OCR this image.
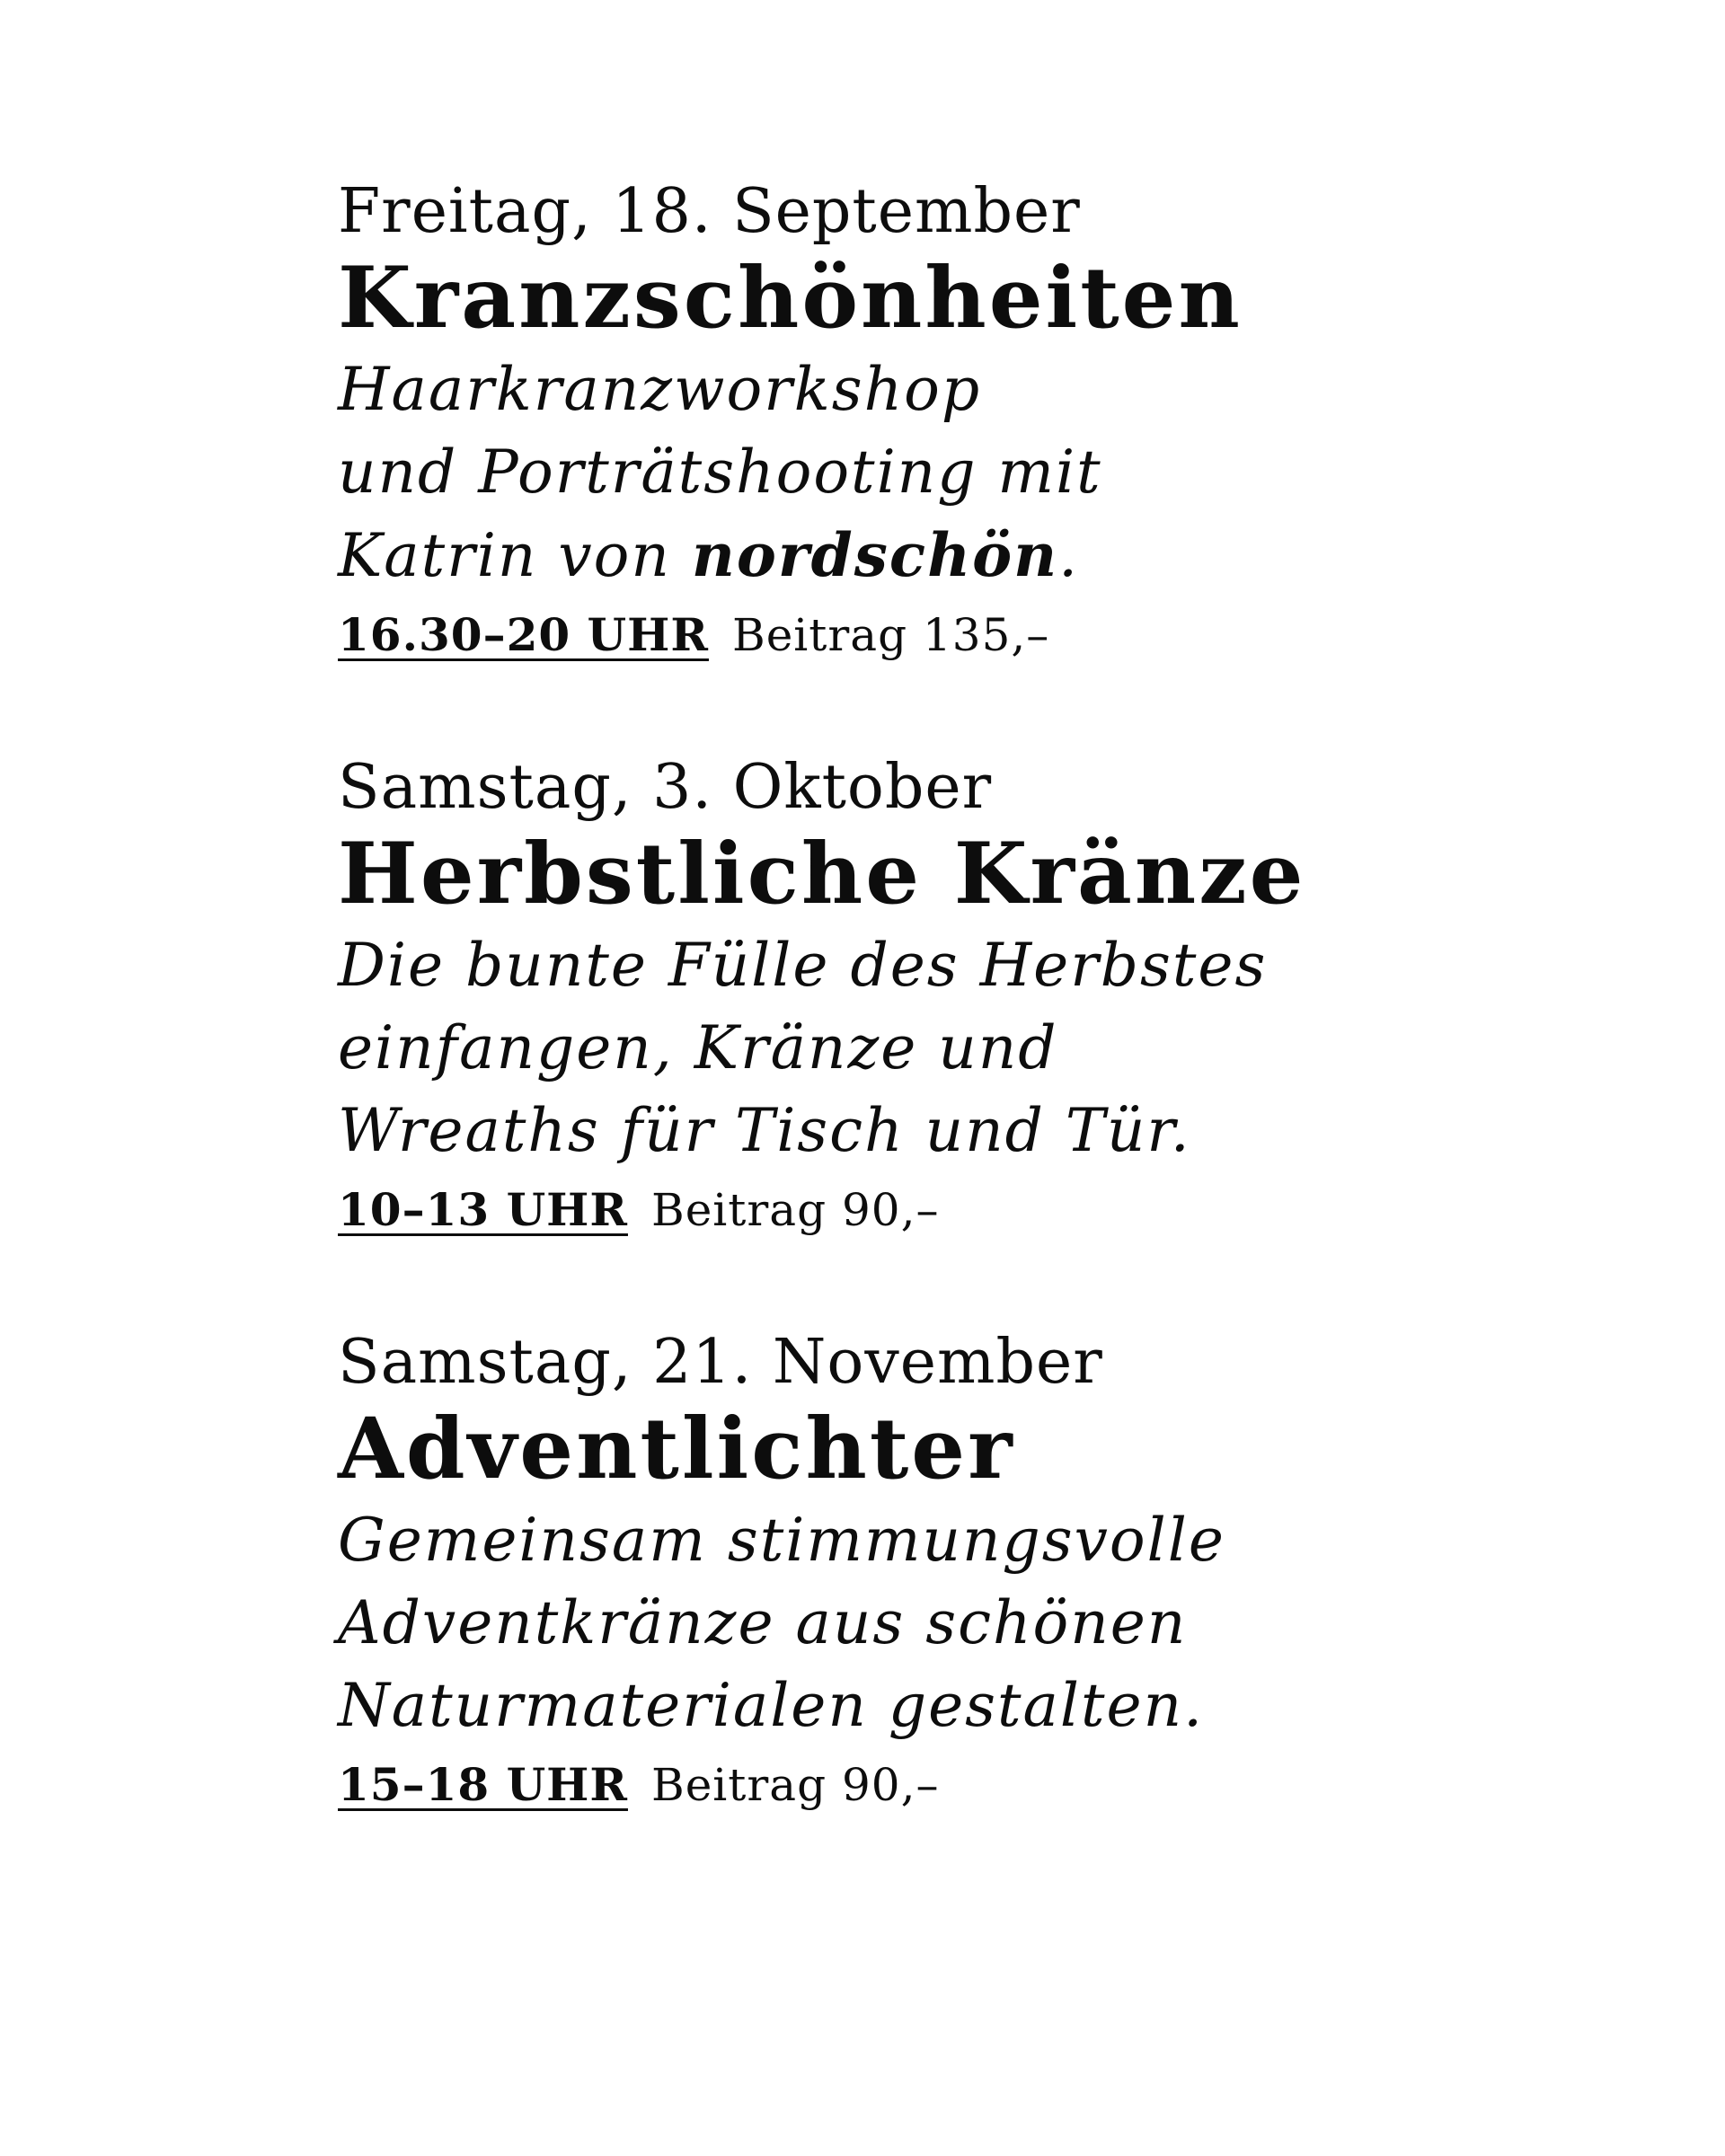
Freitag, 18. September
Kranzschönheiten
Haarkranzworkshop
und Porträtshooting mit
Katrin von nordschön.
16.30–20 UHR Beitrag 135,–
Samstag, 3. Oktober
Herbstliche Kränze
Die bunte Fülle des Herbstes
einfangen, Kränze und
Wreaths für Tisch und Tür.
10–13 UHR Beitrag 90,–
Samstag, 21. November
Adventlichter
Gemeinsam stimmungsvolle
Adventkränze aus schönen
Naturmaterialen gestalten.
15–18 UHR Beitrag 90,–
